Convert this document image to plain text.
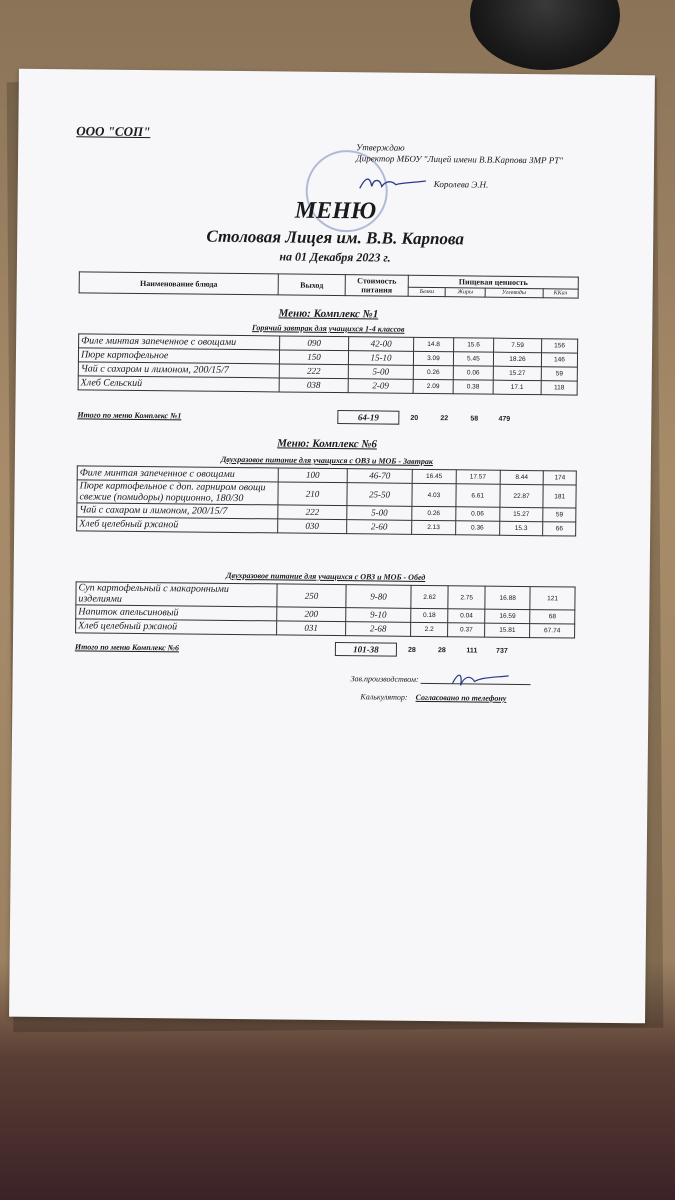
ООО "СОП"
Утверждаю
Директор МБОУ "Лицей имени В.В.Карпова ЗМР РТ"
Королева Э.Н.
МЕНЮ
Столовая Лицея им. В.В. Карпова
на 01 Декабря 2023 г.
Наименование блюда	Выход	Стоимость питания	Пищевая ценность			
			Белки	Жиры	Углеводы	ККал
Меню: Комплекс №1
Горячий завтрак для учащихся 1-4 классов
Филе минтая запеченное с овощами	090	42-00	14.8	15.6	7.59	156
Пюре картофельное	150	15-10	3.09	5.45	18.26	146
Чай с сахаром и лимоном, 200/15/7	222	5-00	0.26	0.06	15.27	59
Хлеб Сельский	038	2-09	2.09	0.38	17.1	118
Итого по меню Комплекс №1	64-19	20	22	58	479
Меню: Комплекс №6
Двухразовое питание для учащихся с ОВЗ и МОБ - Завтрак
Филе минтая запеченное с овощами	100	46-70	16.45	17.57	8.44	174
Пюре картофельное с доп. гарниром овощи свежие (помидоры) порционно, 180/30	210	25-50	4.03	6.61	22.87	181
Чай с сахаром и лимоном, 200/15/7	222	5-00	0.26	0.06	15.27	59
Хлеб целебный ржаной	030	2-60	2.13	0.36	15.3	66
Двухразовое питание для учащихся с ОВЗ и МОБ - Обед
Суп картофельный с макаронными изделиями	250	9-80	2.62	2.75	16.88	121
Напиток апельсиновый	200	9-10	0.18	0.04	16.59	68
Хлеб целебный ржаной	031	2-68	2.2	0.37	15.81	67.74
Итого по меню Комплекс №6	101-38	28	28	111	737
Зав.производством:
Калькулятор: Согласовано по телефону
